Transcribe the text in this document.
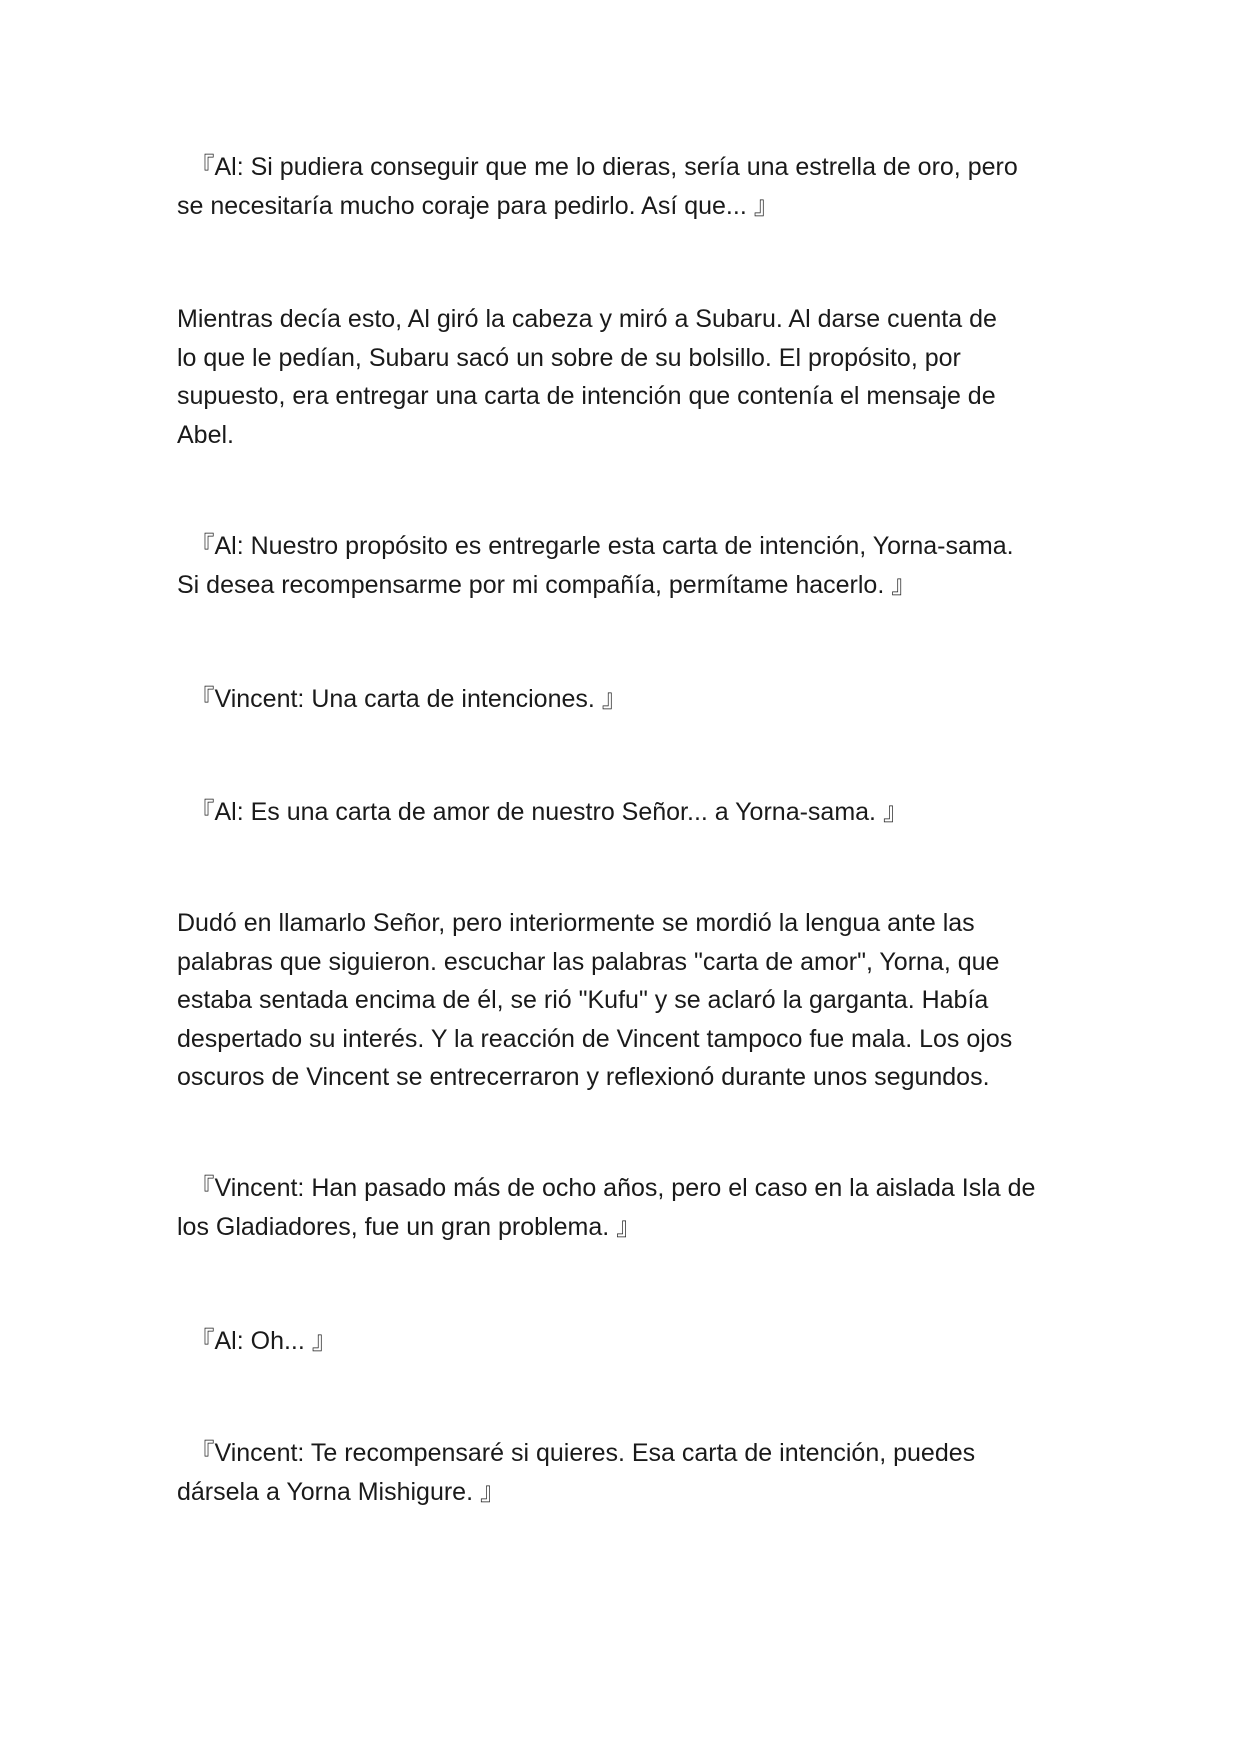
　『Al: Si pudiera conseguir que me lo dieras, sería una estrella de oro, pero
se necesitaría mucho coraje para pedirlo. Así que... 』

Mientras decía esto, Al giró la cabeza y miró a Subaru. Al darse cuenta de
lo que le pedían, Subaru sacó un sobre de su bolsillo. El propósito, por
supuesto, era entregar una carta de intención que contenía el mensaje de
Abel.

　『Al: Nuestro propósito es entregarle esta carta de intención, Yorna-sama.
Si desea recompensarme por mi compañía, permítame hacerlo. 』

　『Vincent: Una carta de intenciones. 』

　『Al: Es una carta de amor de nuestro Señor... a Yorna-sama. 』

Dudó en llamarlo Señor, pero interiormente se mordió la lengua ante las
palabras que siguieron. escuchar las palabras "carta de amor", Yorna, que
estaba sentada encima de él, se rió "Kufu" y se aclaró la garganta. Había
despertado su interés. Y la reacción de Vincent tampoco fue mala. Los ojos
oscuros de Vincent se entrecerraron y reflexionó durante unos segundos.

　『Vincent: Han pasado más de ocho años, pero el caso en la aislada Isla de
los Gladiadores, fue un gran problema. 』

　『Al: Oh... 』

　『Vincent: Te recompensaré si quieres. Esa carta de intención, puedes
dársela a Yorna Mishigure. 』
